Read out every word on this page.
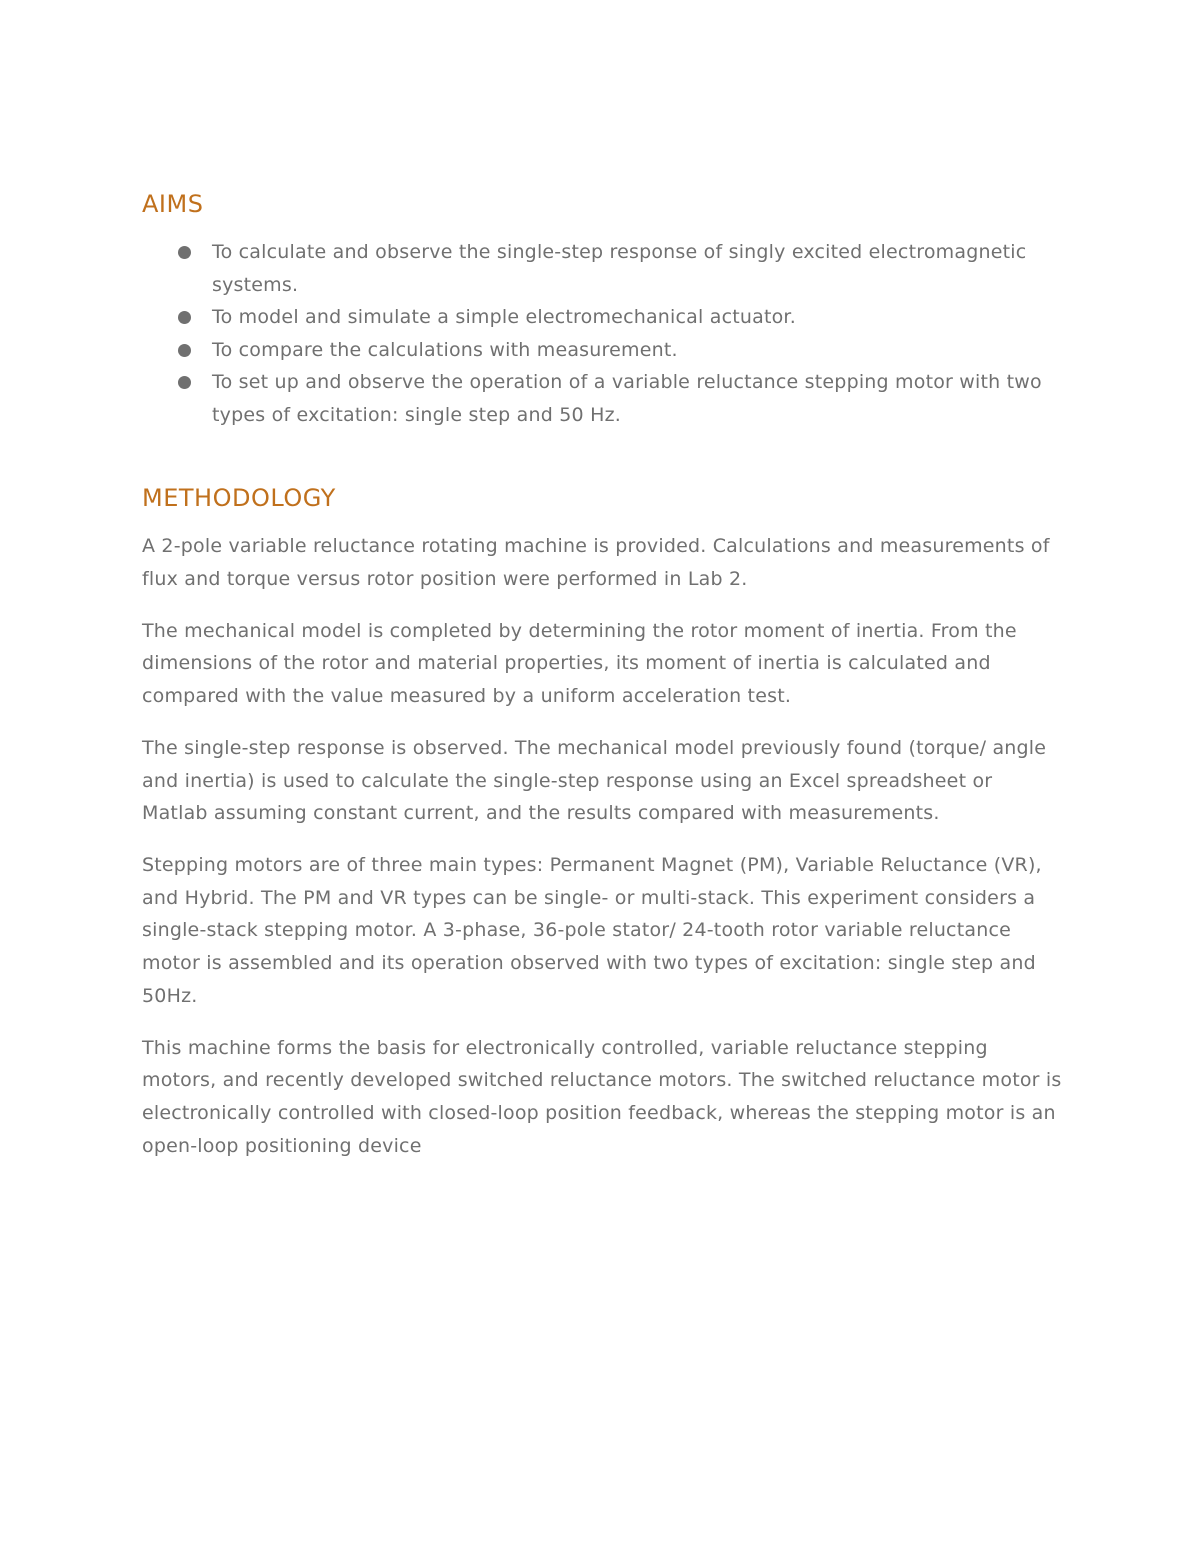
AIMS
To calculate and observe the single-step response of singly excited electromagnetic systems.
To model and simulate a simple electromechanical actuator.
To compare the calculations with measurement.
To set up and observe the operation of a variable reluctance stepping motor with two types of excitation: single step and 50 Hz.
METHODOLOGY

A 2-pole variable reluctance rotating machine is provided. Calculations and measurements of flux and torque versus rotor position were performed in Lab 2.

The mechanical model is completed by determining the rotor moment of inertia. From the dimensions of the rotor and material properties, its moment of inertia is calculated and compared with the value measured by a uniform acceleration test.

The single-step response is observed. The mechanical model previously found (torque/ angle and inertia) is used to calculate the single-step response using an Excel spreadsheet or Matlab assuming constant current, and the results compared with measurements.

Stepping motors are of three main types: Permanent Magnet (PM), Variable Reluctance (VR), and Hybrid. The PM and VR types can be single- or multi-stack. This experiment considers a single-stack stepping motor. A 3-phase, 36-pole stator/ 24-tooth rotor variable reluctance motor is assembled and its operation observed with two types of excitation: single step and 50Hz.

This machine forms the basis for electronically controlled, variable reluctance stepping motors, and recently developed switched reluctance motors. The switched reluctance motor is electronically controlled with closed-loop position feedback, whereas the stepping motor is an open-loop positioning device
